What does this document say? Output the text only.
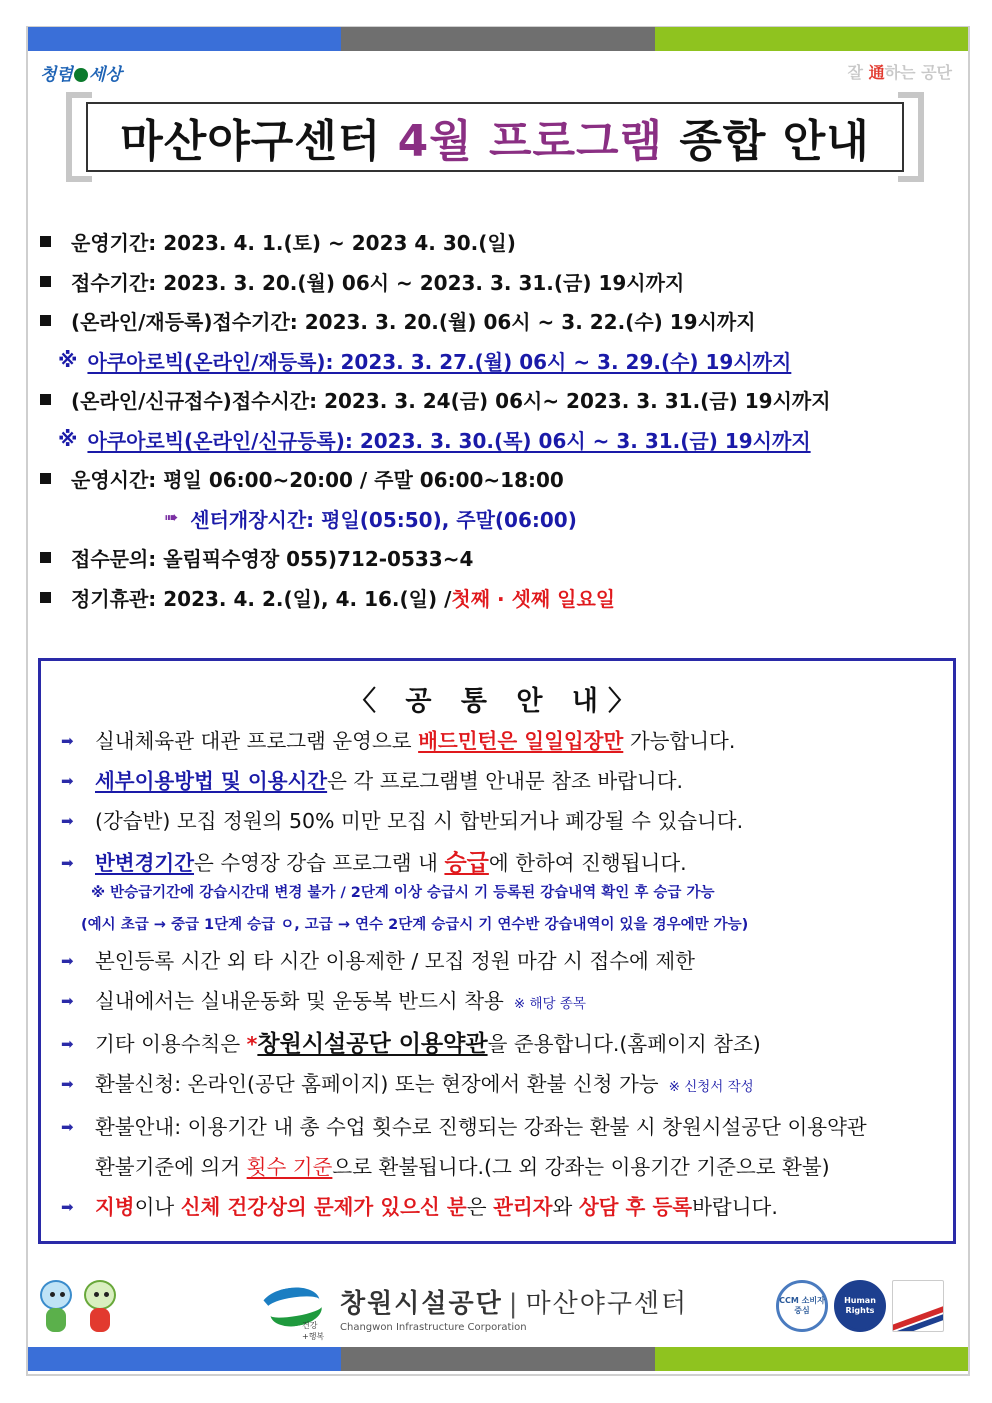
청렴 세상	잘 通하는 공단
마산야구센터
4월 프로그램
종합 안내
운영기간: 2023. 4. 1.(토) ~ 2023 4. 30.(일)
접수기간: 2023. 3. 20.(월) 06시 ~ 2023. 3. 31.(금) 19시까지
(온라인/재등록)접수기간: 2023. 3. 20.(월) 06시 ~ 3. 22.(수) 19시까지
※ 아쿠아로빅(온라인/재등록): 2023. 3. 27.(월) 06시 ~ 3. 29.(수) 19시까지
(온라인/신규접수)접수시간: 2023. 3. 24(금) 06시~ 2023. 3. 31.(금) 19시까지
※ 아쿠아로빅(온라인/신규등록): 2023. 3. 30.(목) 06시 ~ 3. 31.(금) 19시까지
운영시간: 평일 06:00~20:00 / 주말 06:00~18:00
➠ 센터개장시간: 평일(05:50), 주말(06:00)
접수문의: 올림픽수영장 055)712-0533~4
정기휴관: 2023. 4. 2.(일), 4. 16.(일) / 첫째 · 셋째 일요일
〈 공 통 안 내〉
➡	실내체육관 대관 프로그램 운영으로 배드민턴은 일일입장만 가능합니다.
➡	세부이용방법 및 이용시간은 각 프로그램별 안내문 참조 바랍니다.
➡	(강습반) 모집 정원의 50% 미만 모집 시 합반되거나 폐강될 수 있습니다.
➡	반변경기간은 수영장 강습 프로그램 내 승급에 한하여 진행됩니다.
※ 반승급기간에 강습시간대 변경 불가 / 2단계 이상 승급시 기 등록된 강습내역 확인 후 승급 가능
(예시 초급 → 중급 1단계 승급 ㅇ, 고급 → 연수 2단계 승급시 기 연수반 강습내역이 있을 경우에만 가능)
➡	본인등록 시간 외 타 시간 이용제한 / 모집 정원 마감 시 접수에 제한
➡	실내에서는 실내운동화 및 운동복 반드시 착용 ※ 해당 종목
➡	기타 이용수칙은 *창원시설공단 이용약관을 준용합니다.(홈페이지 참조)
➡	환불신청: 온라인(공단 홈페이지) 또는 현장에서 환불 신청 가능 ※ 신청서 작성
➡	환불안내: 이용기간 내 총 수업 횟수로 진행되는 강좌는 환불 시 창원시설공단 이용약관
환불기준에 의거 횟수 기준으로 환불됩니다.(그 외 강좌는 이용기간 기준으로 환불)
➡	지병이나 신체 건강상의 문제가 있으신 분은 관리자와 상담 후 등록바랍니다.
건강+행복
창원시설공단 | 마산야구센터
Changwon Infrastructure Corporation
CCM 소비자중심
Human Rights
